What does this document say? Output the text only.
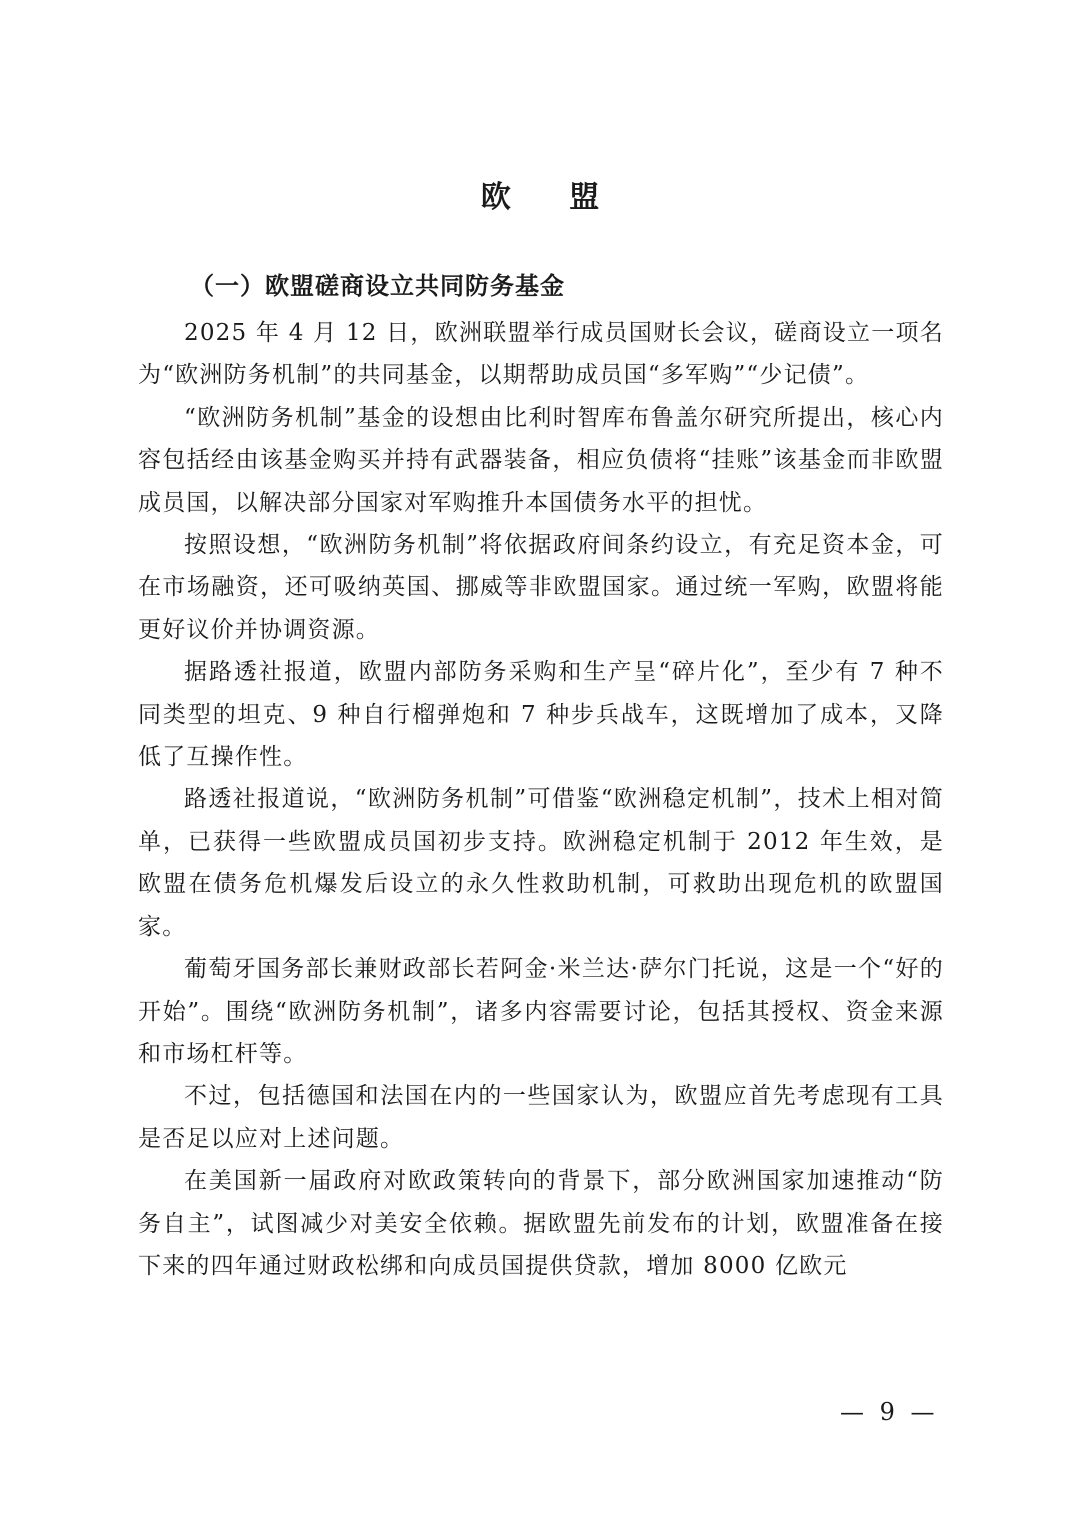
欧 盟
（一）欧盟磋商设立共同防务基金

2025 年 4 月 12 日，欧洲联盟举行成员国财长会议，磋商设立一项名为“欧洲防务机制”的共同基金，以期帮助成员国“多军购”“少记债”。

“欧洲防务机制”基金的设想由比利时智库布鲁盖尔研究所提出，核心内容包括经由该基金购买并持有武器装备，相应负债将“挂账”该基金而非欧盟成员国，以解决部分国家对军购推升本国债务水平的担忧。

按照设想，“欧洲防务机制”将依据政府间条约设立，有充足资本金，可在市场融资，还可吸纳英国、挪威等非欧盟国家。通过统一军购，欧盟将能更好议价并协调资源。

据路透社报道，欧盟内部防务采购和生产呈“碎片化”，至少有 7 种不同类型的坦克、9 种自行榴弹炮和 7 种步兵战车，这既增加了成本，又降低了互操作性。

路透社报道说，“欧洲防务机制”可借鉴“欧洲稳定机制”，技术上相对简单，已获得一些欧盟成员国初步支持。欧洲稳定机制于 2012 年生效，是欧盟在债务危机爆发后设立的永久性救助机制，可救助出现危机的欧盟国家。

葡萄牙国务部长兼财政部长若阿金·米兰达·萨尔门托说，这是一个“好的开始”。围绕“欧洲防务机制”，诸多内容需要讨论，包括其授权、资金来源和市场杠杆等。

不过，包括德国和法国在内的一些国家认为，欧盟应首先考虑现有工具是否足以应对上述问题。

在美国新一届政府对欧政策转向的背景下，部分欧洲国家加速推动“防务自主”，试图减少对美安全依赖。据欧盟先前发布的计划，欧盟准备在接下来的四年通过财政松绑和向成员国提供贷款，增加 8000 亿欧元

— 9 —
